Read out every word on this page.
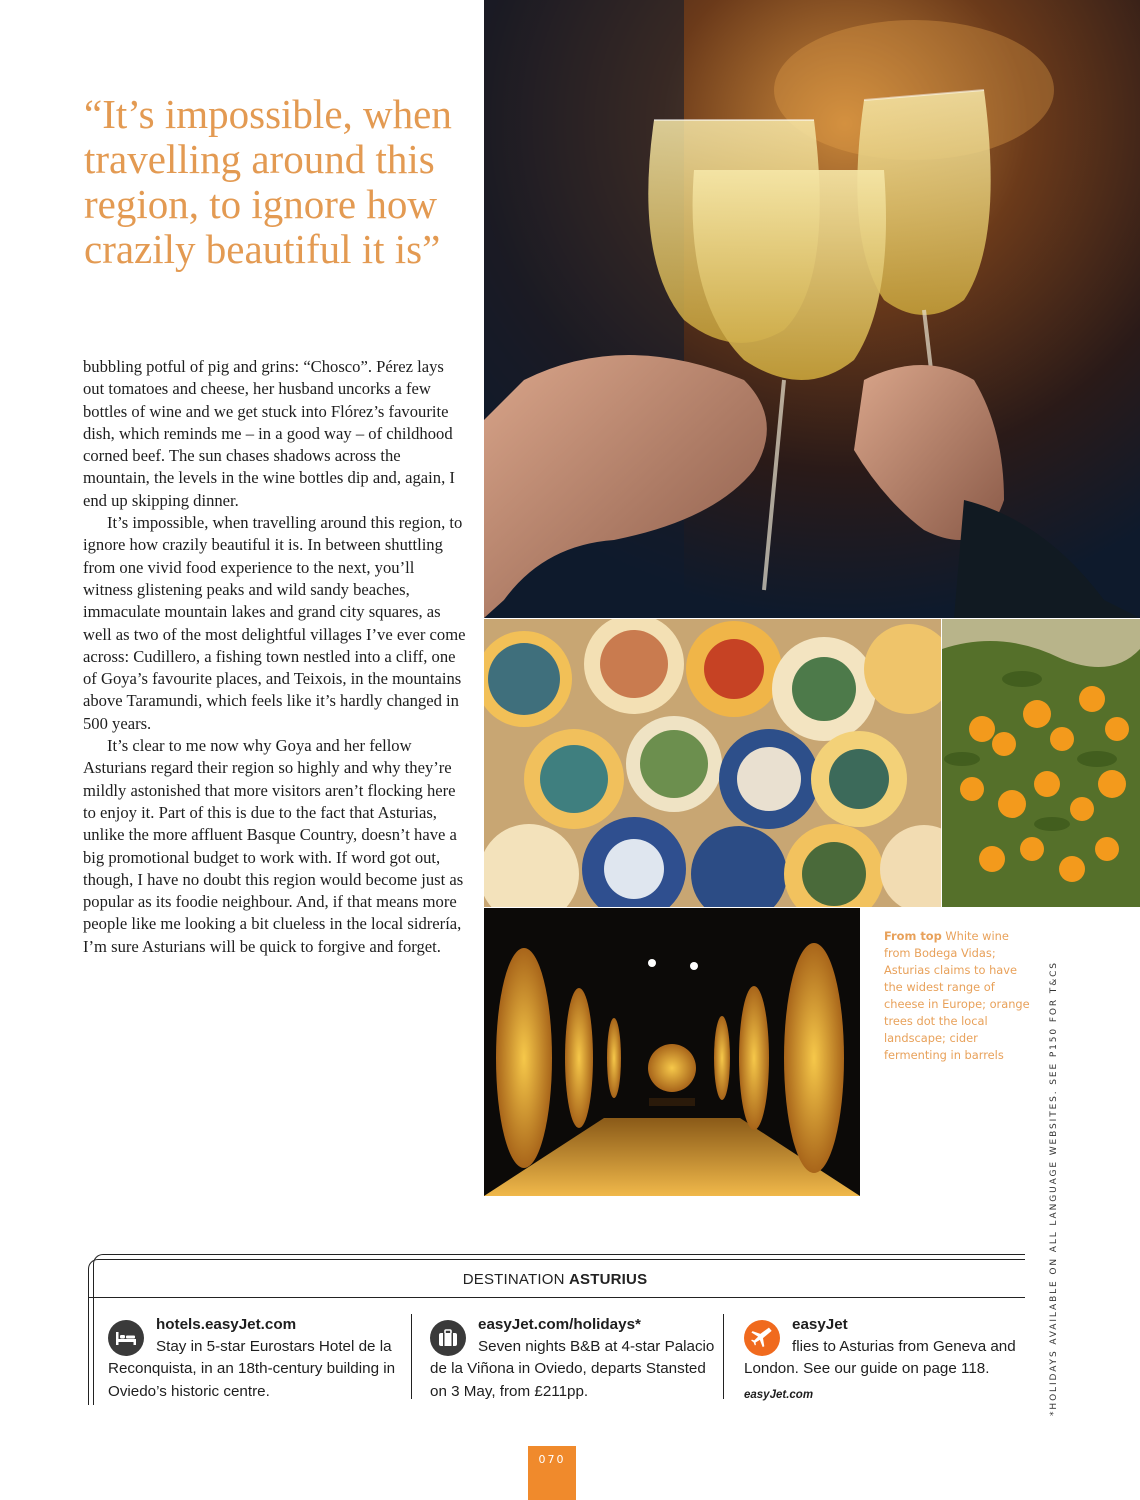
“It’s impossible, when travelling around this region, to ignore how crazily beautiful it is”

bubbling potful of pig and grins: “Chosco”. Pérez lays out tomatoes and cheese, her husband uncorks a few bottles of wine and we get stuck into Flórez’s favourite dish, which reminds me – in a good way – of childhood corned beef. The sun chases shadows across the mountain, the levels in the wine bottles dip and, again, I end up skipping dinner.

It’s impossible, when travelling around this region, to ignore how crazily beautiful it is. In between shuttling from one vivid food experience to the next, you’ll witness glistening peaks and wild sandy beaches, immaculate mountain lakes and grand city squares, as well as two of the most delightful villages I’ve ever come across: Cudillero, a fishing town nestled into a cliff, one of Goya’s favourite places, and Teixois, in the mountains above Taramundi, which feels like it’s hardly changed in 500 years.

It’s clear to me now why Goya and her fellow Asturians regard their region so highly and why they’re mildly astonished that more visitors aren’t flocking here to enjoy it. Part of this is due to the fact that Asturias, unlike the more affluent Basque Country, doesn’t have a big promotional budget to work with. If word got out, though, I have no doubt this region would become just as popular as its foodie neighbour. And, if that means more people like me looking a bit clueless in the local sidrería, I’m sure Asturians will be quick to forgive and forget.

From top White wine from Bodega Vidas; Asturias claims to have the widest range of cheese in Europe; orange trees dot the local landscape; cider fermenting in barrels	*HOLIDAYS AVAILABLE ON ALL LANGUAGE WEBSITES. SEE P150 FOR T&CS
DESTINATION ASTURIUS
hotels.easyJet.com
Stay in 5-star Eurostars Hotel de la Reconquista, in an 18th-century building in Oviedo’s historic centre.
easyJet.com/holidays*
Seven nights B&B at 4-star Palacio de la Viñona in Oviedo, departs Stansted on 3 May, from £211pp.
easyJet
flies to Asturias from Geneva and London. See our guide on page 118.
easyJet.com
070
